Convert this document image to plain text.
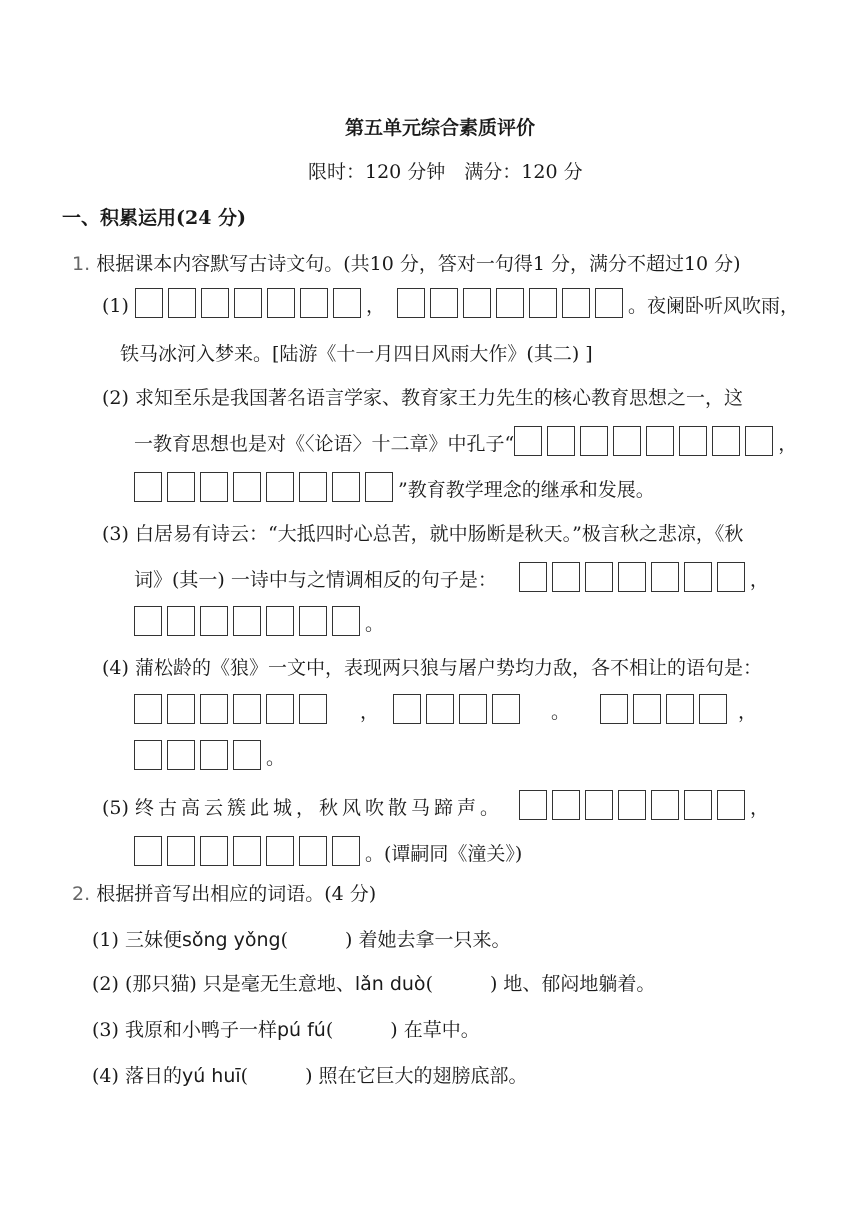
第五单元综合素质评价
限时：120 分钟　满分：120 分
一、积累运用(24 分)
1. 根据课本内容默写古诗文句。(共10 分，答对一句得1 分，满分不超过10 分)
(1)	，	。夜阑卧听风吹雨，
铁马冰河入梦来。[陆游《十一月四日风雨大作》(其二) ]
(2) 求知至乐是我国著名语言学家、教育家王力先生的核心教育思想之一，这
一教育思想也是对《〈论语〉十二章》中孔子“	，
”教育教学理念的继承和发展。
(3) 白居易有诗云：“大抵四时心总苦，就中肠断是秋天。”极言秋之悲凉，《秋
词》(其一) 一诗中与之情调相反的句子是：	，
。
(4) 蒲松龄的《狼》一文中，表现两只狼与屠户势均力敌，各不相让的语句是：
，	。	，
。
(5) 终古高云簇此城，秋风吹散马蹄声。	，
。(谭嗣同《潼关》)
2. 根据拼音写出相应的词语。(4 分)
(1) 三妹便sǒng yǒng(　　　) 着她去拿一只来。
(2) (那只猫) 只是毫无生意地、lǎn duò(　　　) 地、郁闷地躺着。
(3) 我原和小鸭子一样pú fú(　　　) 在草中。
(4) 落日的yú huī(　　　) 照在它巨大的翅膀底部。
